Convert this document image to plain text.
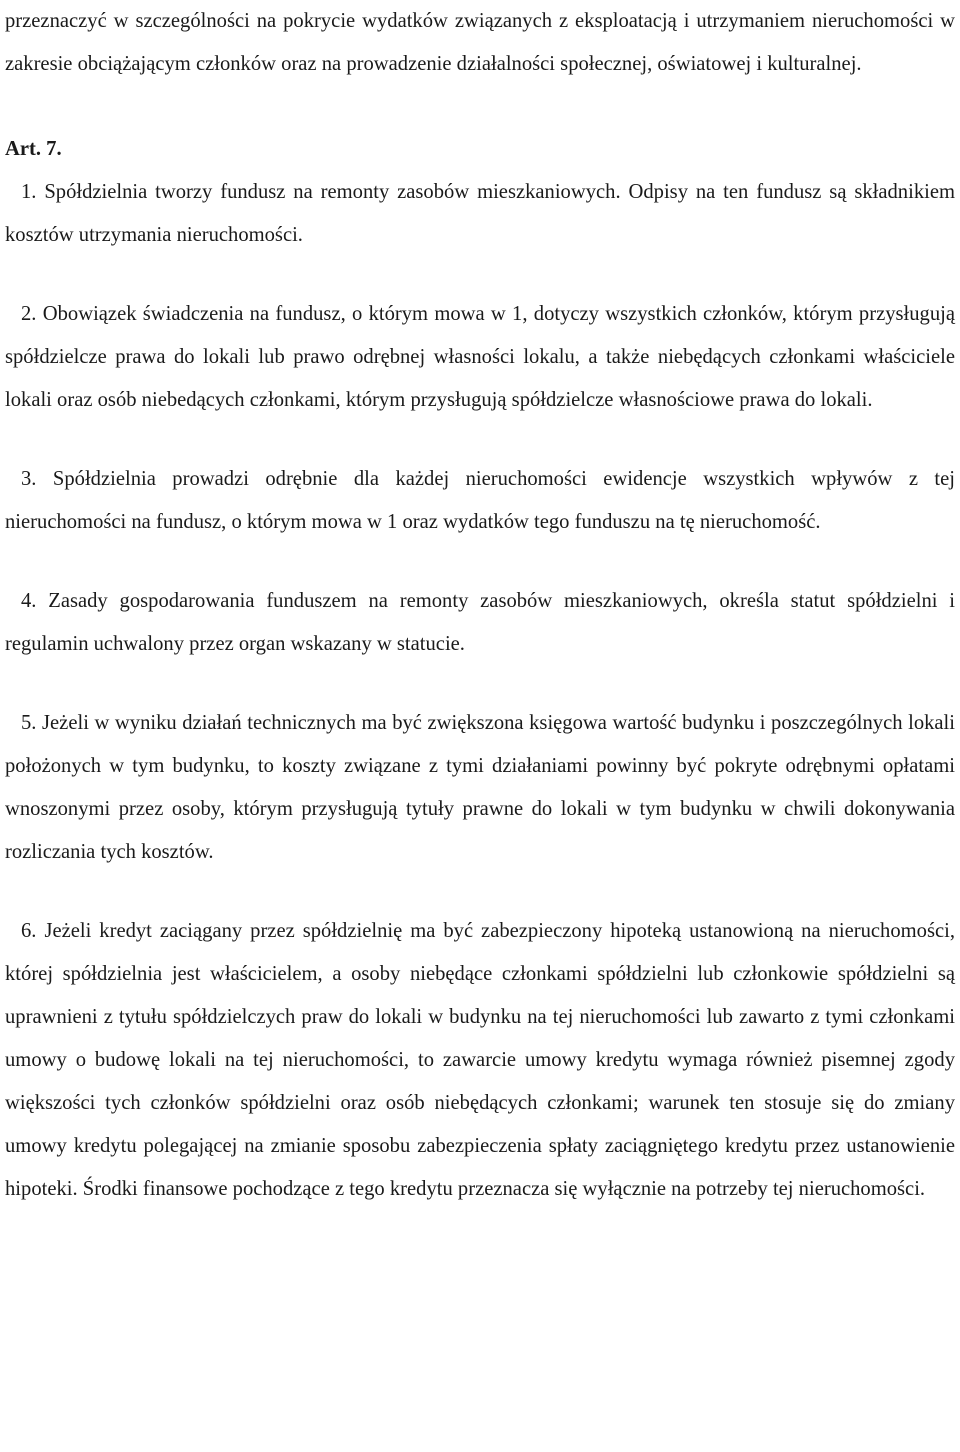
przeznaczyć w szczególności na pokrycie wydatków związanych z eksploatacją i utrzymaniem nieruchomości w zakresie obciążającym członków oraz na prowadzenie działalności społecznej, oświatowej i kulturalnej.

Art. 7.

1. Spółdzielnia tworzy fundusz na remonty zasobów mieszkaniowych. Odpisy na ten fundusz są składnikiem kosztów utrzymania nieruchomości.

2. Obowiązek świadczenia na fundusz, o którym mowa w 1, dotyczy wszystkich członków, którym przysługują spółdzielcze prawa do lokali lub prawo odrębnej własności lokalu, a także niebędących członkami właściciele lokali oraz osób niebedących członkami, którym przysługują spółdzielcze własnościowe prawa do lokali.

3. Spółdzielnia prowadzi odrębnie dla każdej nieruchomości ewidencje wszystkich wpływów z tej nieruchomości na fundusz, o którym mowa w 1 oraz wydatków tego funduszu na tę nieruchomość.

4. Zasady gospodarowania funduszem na remonty zasobów mieszkaniowych, określa statut spółdzielni i regulamin uchwalony przez organ wskazany w statucie.

5. Jeżeli w wyniku działań technicznych ma być zwiększona księgowa wartość budynku i poszczególnych lokali położonych w tym budynku, to koszty związane z tymi działaniami powinny być pokryte odrębnymi opłatami wnoszonymi przez osoby, którym przysługują tytuły prawne do lokali w tym budynku w chwili dokonywania rozliczania tych kosztów.

6. Jeżeli kredyt zaciągany przez spółdzielnię ma być zabezpieczony hipoteką ustanowioną na nieruchomości, której spółdzielnia jest właścicielem, a osoby niebędące członkami spółdzielni lub członkowie spółdzielni są uprawnieni z tytułu spółdzielczych praw do lokali w budynku na tej nieruchomości lub zawarto z tymi członkami umowy o budowę lokali na tej nieruchomości, to zawarcie umowy kredytu wymaga również pisemnej zgody większości tych członków spółdzielni oraz osób niebędących członkami; warunek ten stosuje się do zmiany umowy kredytu polegającej na zmianie sposobu zabezpieczenia spłaty zaciągniętego kredytu przez ustanowienie hipoteki. Środki finansowe pochodzące z tego kredytu przeznacza się wyłącznie na potrzeby tej nieruchomości.
